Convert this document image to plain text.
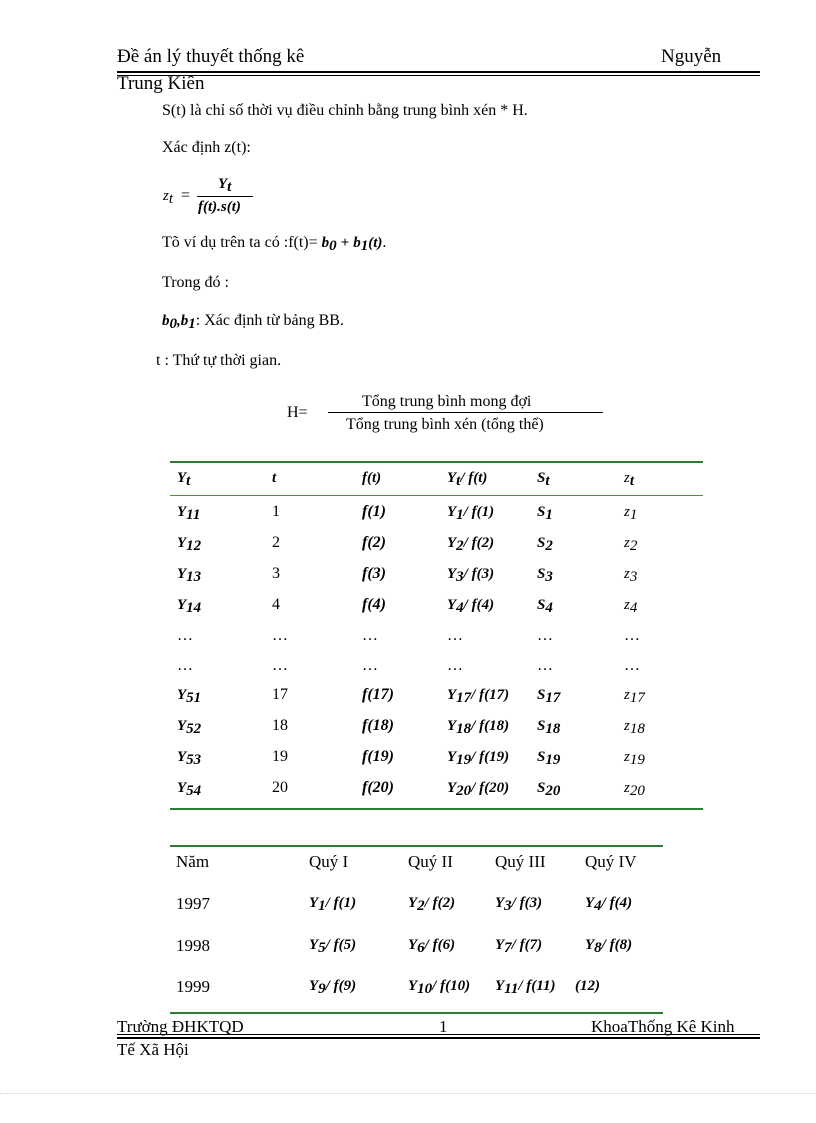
Đề án lý thuyết thống kê	Nguyễn
Trung Kiên
S(t) là chỉ số thời vụ điều chỉnh bằng trung bình xén * H.
Xác định z(t):
$z_t$ =
$Y_t$
f(t).s(t)
Tõ ví dụ trên ta có :f(t)= $b_0 + b_1(t)$.
Trong đó :
$b_0,b_1$: Xác định từ bảng BB.
t : Thứ tự thời gian.
H=
Tổng trung bình mong đợi
Tổng trung bình xén (tổng thể)
$Y_t$	t	f(t)	$Y_t/$ f(t)	$S_t$	$z_t$
$Y_{11}$	1	f(1)	$Y_1/$ f(1)	$S_1$	$z_1$
$Y_{12}$	2	f(2)	$Y_2/$ f(2)	$S_2$	$z_2$
$Y_{13}$	3	f(3)	$Y_3/$ f(3)	$S_3$	$z_3$
$Y_{14}$	4	f(4)	$Y_4/$ f(4)	$S_4$	$z_4$
…	…	…	…	…	…
…	…	…	…	…	…
$Y_{51}$	17	f(17)	$Y_{17}/$ f(17) $S_{17}$	$z_{17}$
$Y_{52}$	18	f(18)	$Y_{18}/$ f(18) $S_{18}$	$z_{18}$
$Y_{53}$	19	f(19)	$Y_{19}/$ f(19) $S_{19}$	$z_{19}$
$Y_{54}$	20	f(20)	$Y_{20}/$ f(20) $S_{20}$	$z_{20}$
Năm	Quý I	Quý II Quý III Quý IV
1997	$Y_1/$ f(1)	$Y_2/$ f(2)	$Y_3/$ f(3)	$Y_4/$ f(4)
1998	$Y_5/$ f(5)	$Y_6/$ f(6)	$Y_7/$ f(7)	$Y_8/$ f(8)
1999	$Y_9/$ f(9)	$Y_{10}/$ f(10) $Y_{11}/$ f(11) (12)
Trường ĐHKTQD	1	KhoaThống Kê Kinh
Tế Xã Hội
